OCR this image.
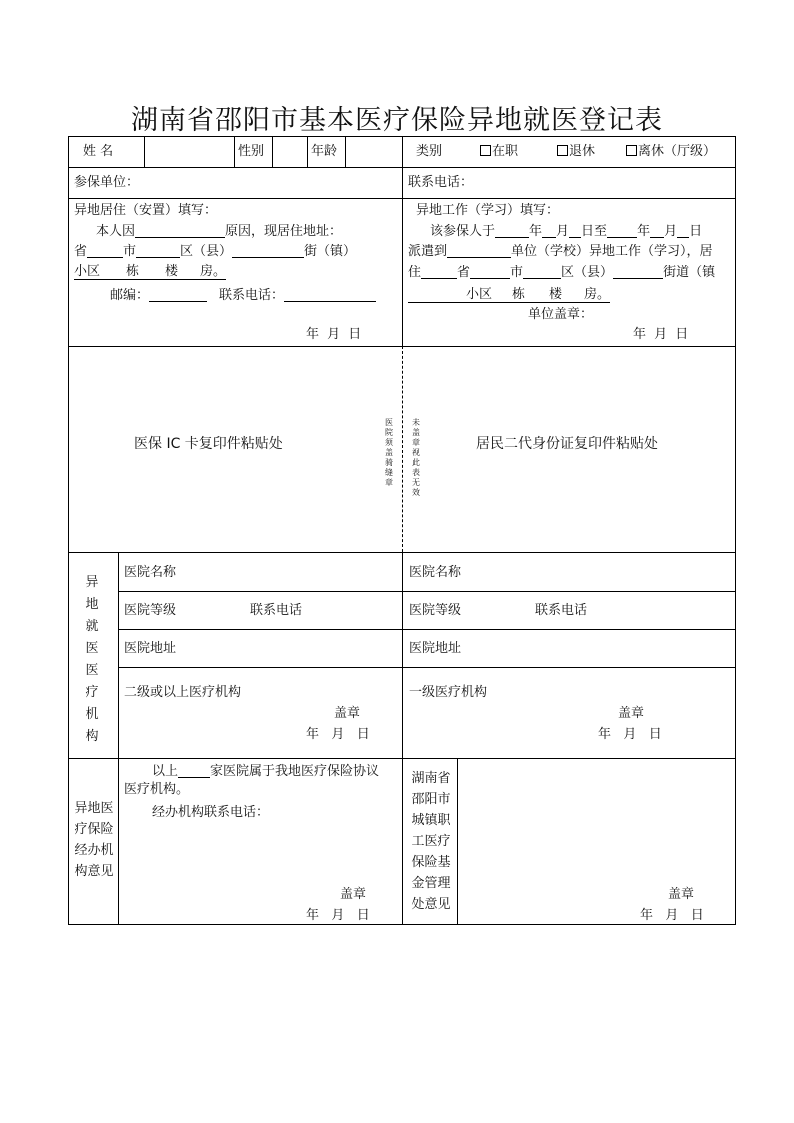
湖南省邵阳市基本医疗保险异地就医登记表
姓 名	性别	年龄	类别	在职	退休	离休（厅级）
参保单位：	联系电话：
异地居住（安置）填写：
本人因	原因，现居住地址：
省	市	区（县）	街（镇）
小区 栋 楼 房。
邮编：	联系电话：
年 月 日
异地工作（学习）填写：
该参保人于	年 月 日至 年 月 日
派遣到	单位（学校）异地工作（学习），居
住	省	市	区（县）	街道（镇
小区 栋 楼 房。
单位盖章：
年 月 日
医保 IC 卡复印件粘贴处	居民二代身份证复印件粘贴处
医
院
须
盖
骑
缝
章
未
盖
章
视
此
表
无
效
异
地
就
医
医
疗
机
构
医院名称	医院名称
医院等级	联系电话	医院等级	联系电话
医院地址	医院地址
二级或以上医疗机构	一级医疗机构
盖章	盖章
年   月   日	年   月   日
异地医
疗保险
经办机
构意见
以上 家医院属于我地医疗保险协议
医疗机构。
经办机构联系电话：
盖章
年   月   日
湖南省
邵阳市
城镇职
工医疗
保险基
金管理
处意见
盖章
年   月   日
